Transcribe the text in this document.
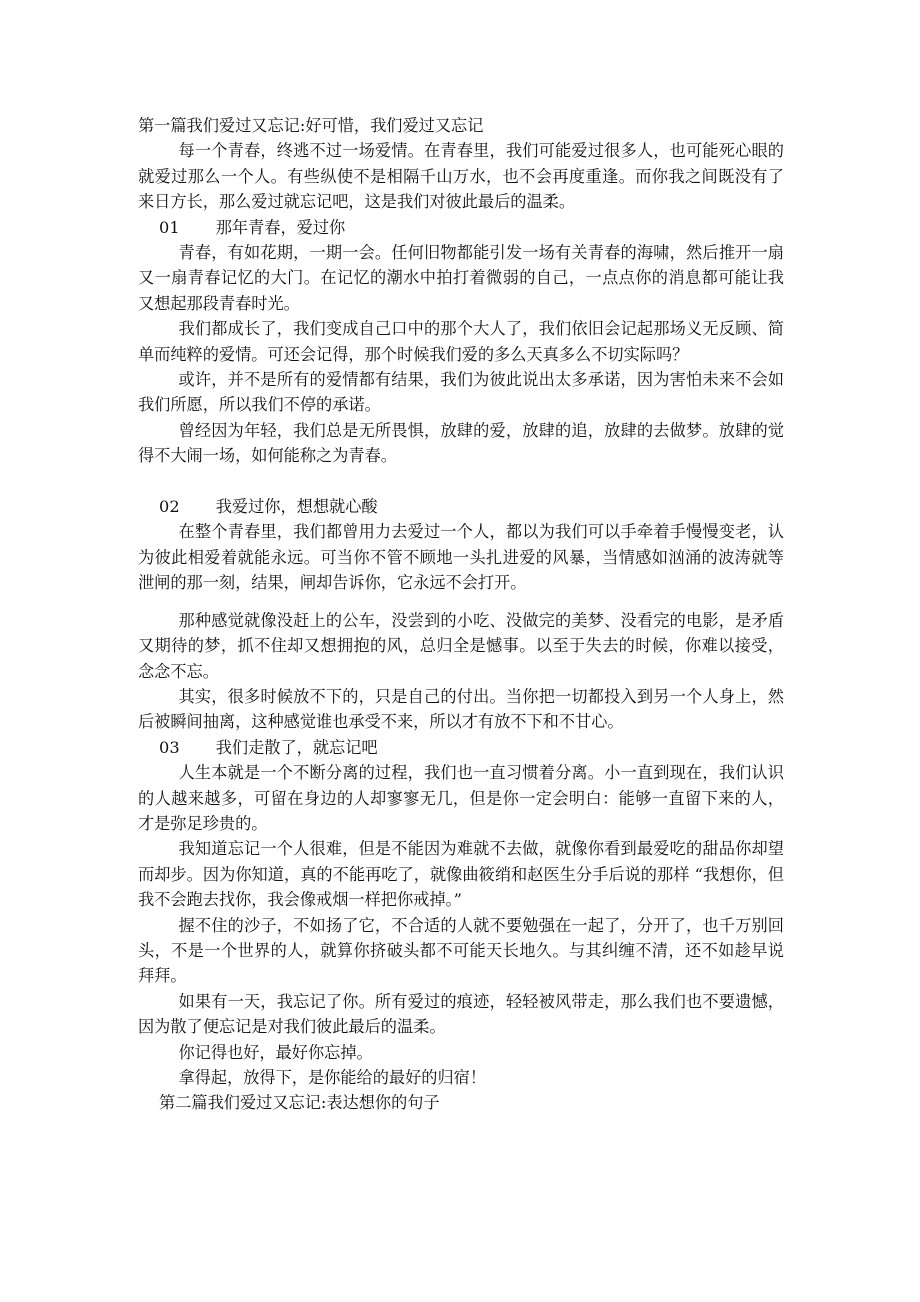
第一篇我们爱过又忘记:好可惜，我们爱过又忘记

每一个青春，终逃不过一场爱情。在青春里，我们可能爱过很多人，也可能死心眼的就爱过那么一个人。有些纵使不是相隔千山万水，也不会再度重逢。而你我之间既没有了来日方长，那么爱过就忘记吧，这是我们对彼此最后的温柔。

01 那年青春，爱过你

青春，有如花期，一期一会。任何旧物都能引发一场有关青春的海啸，然后推开一扇又一扇青春记忆的大门。在记忆的潮水中拍打着微弱的自己，一点点你的消息都可能让我又想起那段青春时光。

我们都成长了，我们变成自己口中的那个大人了，我们依旧会记起那场义无反顾、简单而纯粹的爱情。可还会记得，那个时候我们爱的多么天真多么不切实际吗？

或许，并不是所有的爱情都有结果，我们为彼此说出太多承诺，因为害怕未来不会如我们所愿，所以我们不停的承诺。

曾经因为年轻，我们总是无所畏惧，放肆的爱，放肆的追，放肆的去做梦。放肆的觉得不大闹一场，如何能称之为青春。

02 我爱过你，想想就心酸

在整个青春里，我们都曾用力去爱过一个人，都以为我们可以手牵着手慢慢变老，认为彼此相爱着就能永远。可当你不管不顾地一头扎进爱的风暴，当情感如汹涌的波涛就等泄闸的那一刻，结果，闸却告诉你，它永远不会打开。

那种感觉就像没赶上的公车，没尝到的小吃、没做完的美梦、没看完的电影，是矛盾又期待的梦，抓不住却又想拥抱的风，总归全是憾事。以至于失去的时候，你难以接受，念念不忘。

其实，很多时候放不下的，只是自己的付出。当你把一切都投入到另一个人身上，然后被瞬间抽离，这种感觉谁也承受不来，所以才有放不下和不甘心。

03 我们走散了，就忘记吧

人生本就是一个不断分离的过程，我们也一直习惯着分离。小一直到现在，我们认识的人越来越多，可留在身边的人却寥寥无几，但是你一定会明白：能够一直留下来的人，才是弥足珍贵的。

我知道忘记一个人很难，但是不能因为难就不去做，就像你看到最爱吃的甜品你却望而却步。因为你知道，真的不能再吃了，就像曲筱绡和赵医生分手后说的那样 “我想你，但我不会跑去找你，我会像戒烟一样把你戒掉。”

握不住的沙子，不如扬了它，不合适的人就不要勉强在一起了，分开了，也千万别回头，不是一个世界的人，就算你挤破头都不可能天长地久。与其纠缠不清，还不如趁早说拜拜。

如果有一天，我忘记了你。所有爱过的痕迹，轻轻被风带走，那么我们也不要遗憾，因为散了便忘记是对我们彼此最后的温柔。

你记得也好，最好你忘掉。

拿得起，放得下，是你能给的最好的归宿！

第二篇我们爱过又忘记:表达想你的句子
